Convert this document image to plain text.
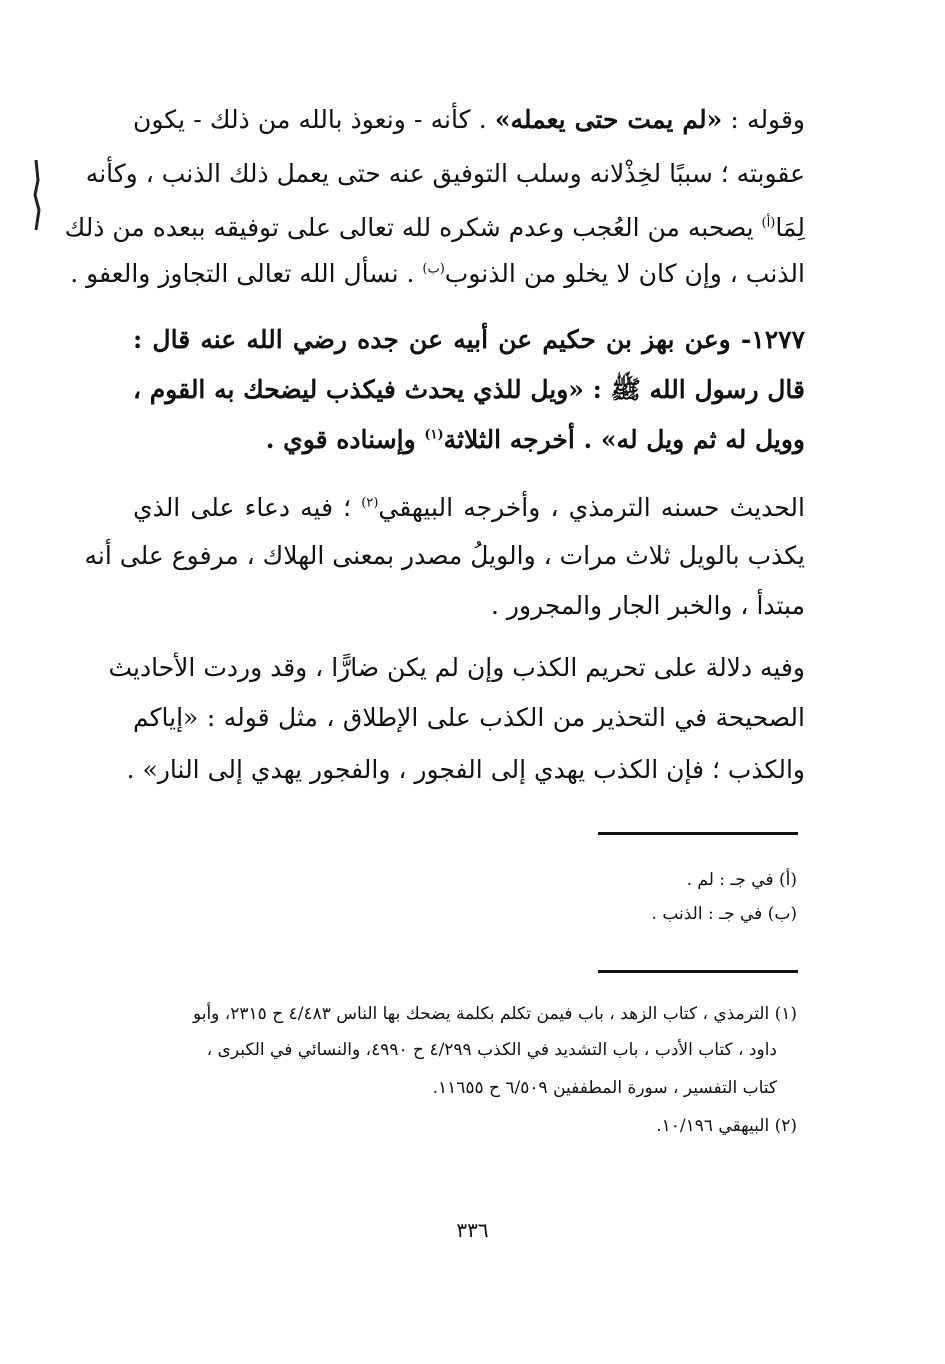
وقوله : «لم يمت حتى يعمله» . كأنه - ونعوذ بالله من ذلك - يكون
عقوبته ؛ سببًا لخِذْلانه وسلب التوفيق عنه حتى يعمل ذلك الذنب ، وكأنه
لِمَا$^{(أ)}$ يصحبه من العُجب وعدم شكره لله تعالى على توفيقه ببعده من ذلك
الذنب ، وإن كان لا يخلو من الذنوب$^{(ب)}$ . نسأل الله تعالى التجاوز والعفو .
١٢٧٧- وعن بهز بن حكيم عن أبيه عن جده رضي الله عنه قال :
قال رسول الله ﷺ : «ويل للذي يحدث فيكذب ليضحك به القوم ،
وويل له ثم ويل له» . أخرجه الثلاثة$^{(١)}$ وإسناده قوي .
الحديث حسنه الترمذي ، وأخرجه البيهقي$^{(٢)}$ ؛ فيه دعاء على الذي
يكذب بالويل ثلاث مرات ، والويلُ مصدر بمعنى الهلاك ، مرفوع على أنه
مبتدأ ، والخبر الجار والمجرور .
وفيه دلالة على تحريم الكذب وإن لم يكن ضارًّا ، وقد وردت الأحاديث
الصحيحة في التحذير من الكذب على الإطلاق ، مثل قوله : «إياكم
والكذب ؛ فإن الكذب يهدي إلى الفجور ، والفجور يهدي إلى النار» .
(أ) في جـ : لم .
(ب) في جـ : الذنب .
(١) الترمذي ، كتاب الزهد ، باب فيمن تكلم بكلمة يضحك بها الناس ٤/٤٨٣ ح ٢٣١٥، وأبو
داود ، كتاب الأدب ، باب التشديد في الكذب ٤/٢٩٩ ح ٤٩٩٠، والنسائي في الكبرى ،
كتاب التفسير ، سورة المطففين ٦/٥٠٩ ح ١١٦٥٥.
(٢) البيهقي ١٠/١٩٦.
٣٣٦
